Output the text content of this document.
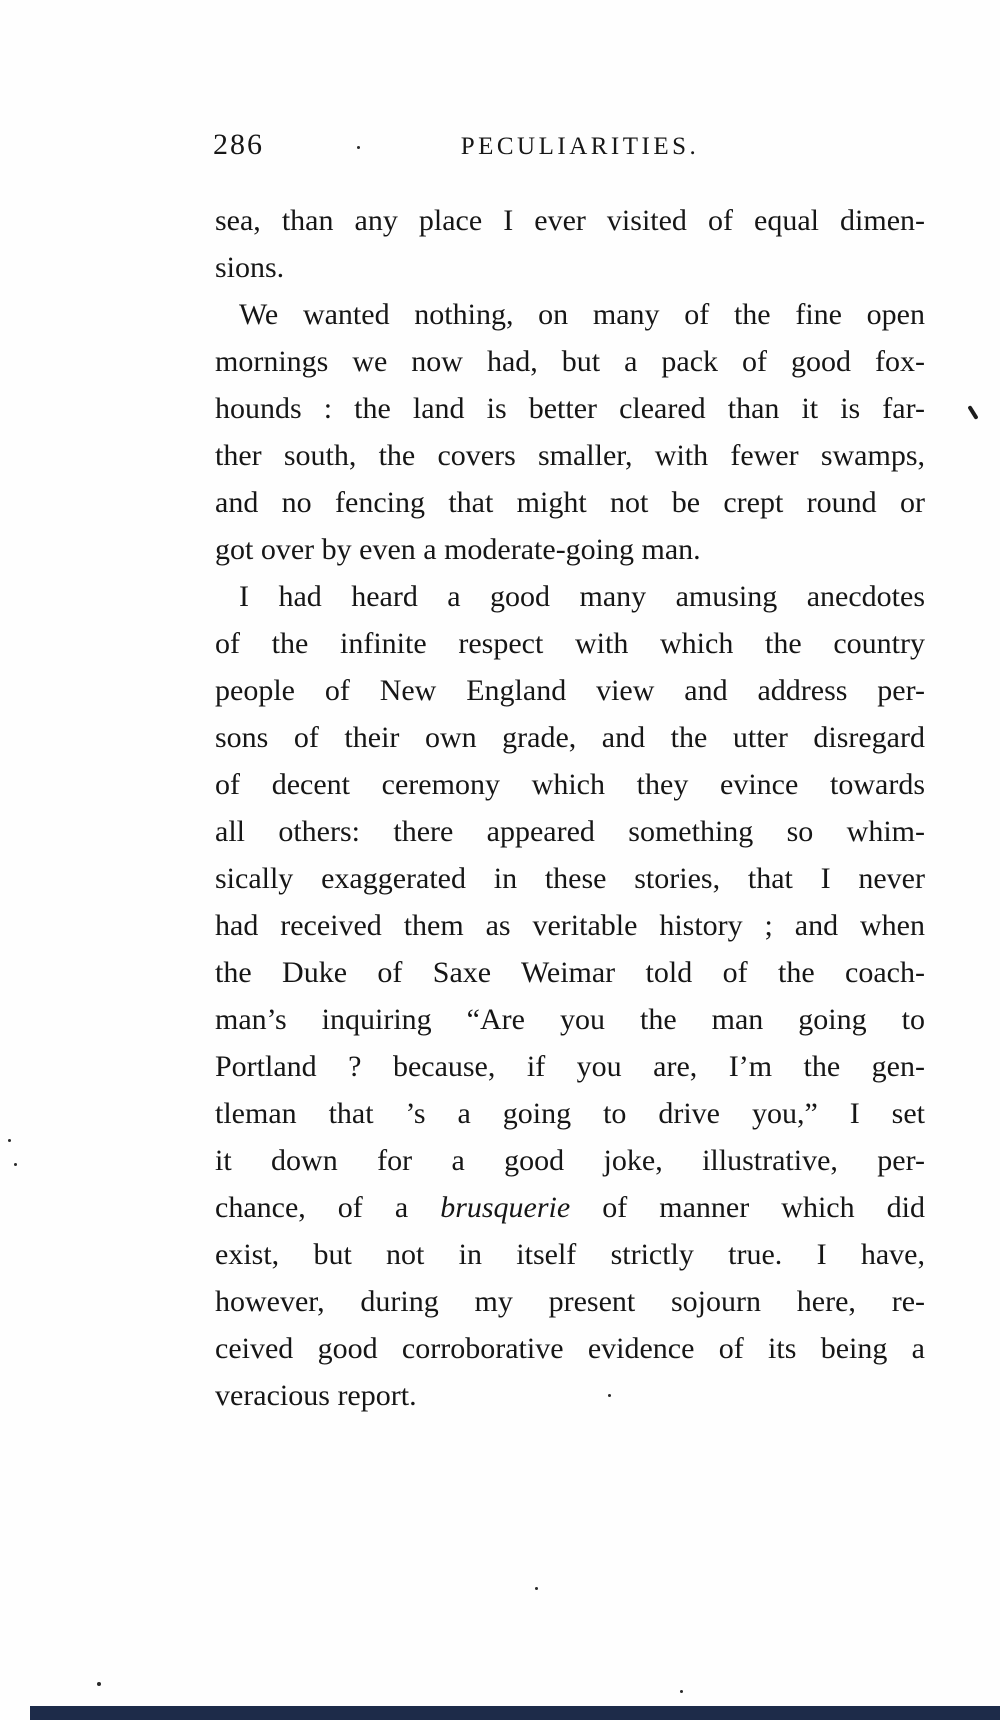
286	PECULIARITIES.
sea, than any place I ever visited of equal dimen-
sions.
We wanted nothing, on many of the fine open
mornings we now had, but a pack of good fox-
hounds : the land is better cleared than it is far-
ther south, the covers smaller, with fewer swamps,
and no fencing that might not be crept round or
got over by even a moderate-going man.
I had heard a good many amusing anecdotes
of the infinite respect with which the country
people of New England view and address per-
sons of their own grade, and the utter disregard
of decent ceremony which they evince towards
all others: there appeared something so whim-
sically exaggerated in these stories, that I never
had received them as veritable history ; and when
the Duke of Saxe Weimar told of the coach-
man’s inquiring “Are you the man going to
Portland ? because, if you are, I’m the gen-
tleman that ’s a going to drive you,” I set
it down for a good joke, illustrative, per-
chance, of a brusquerie of manner which did
exist, but not in itself strictly true. I have,
however, during my present sojourn here, re-
ceived good corroborative evidence of its being a
veracious report.
